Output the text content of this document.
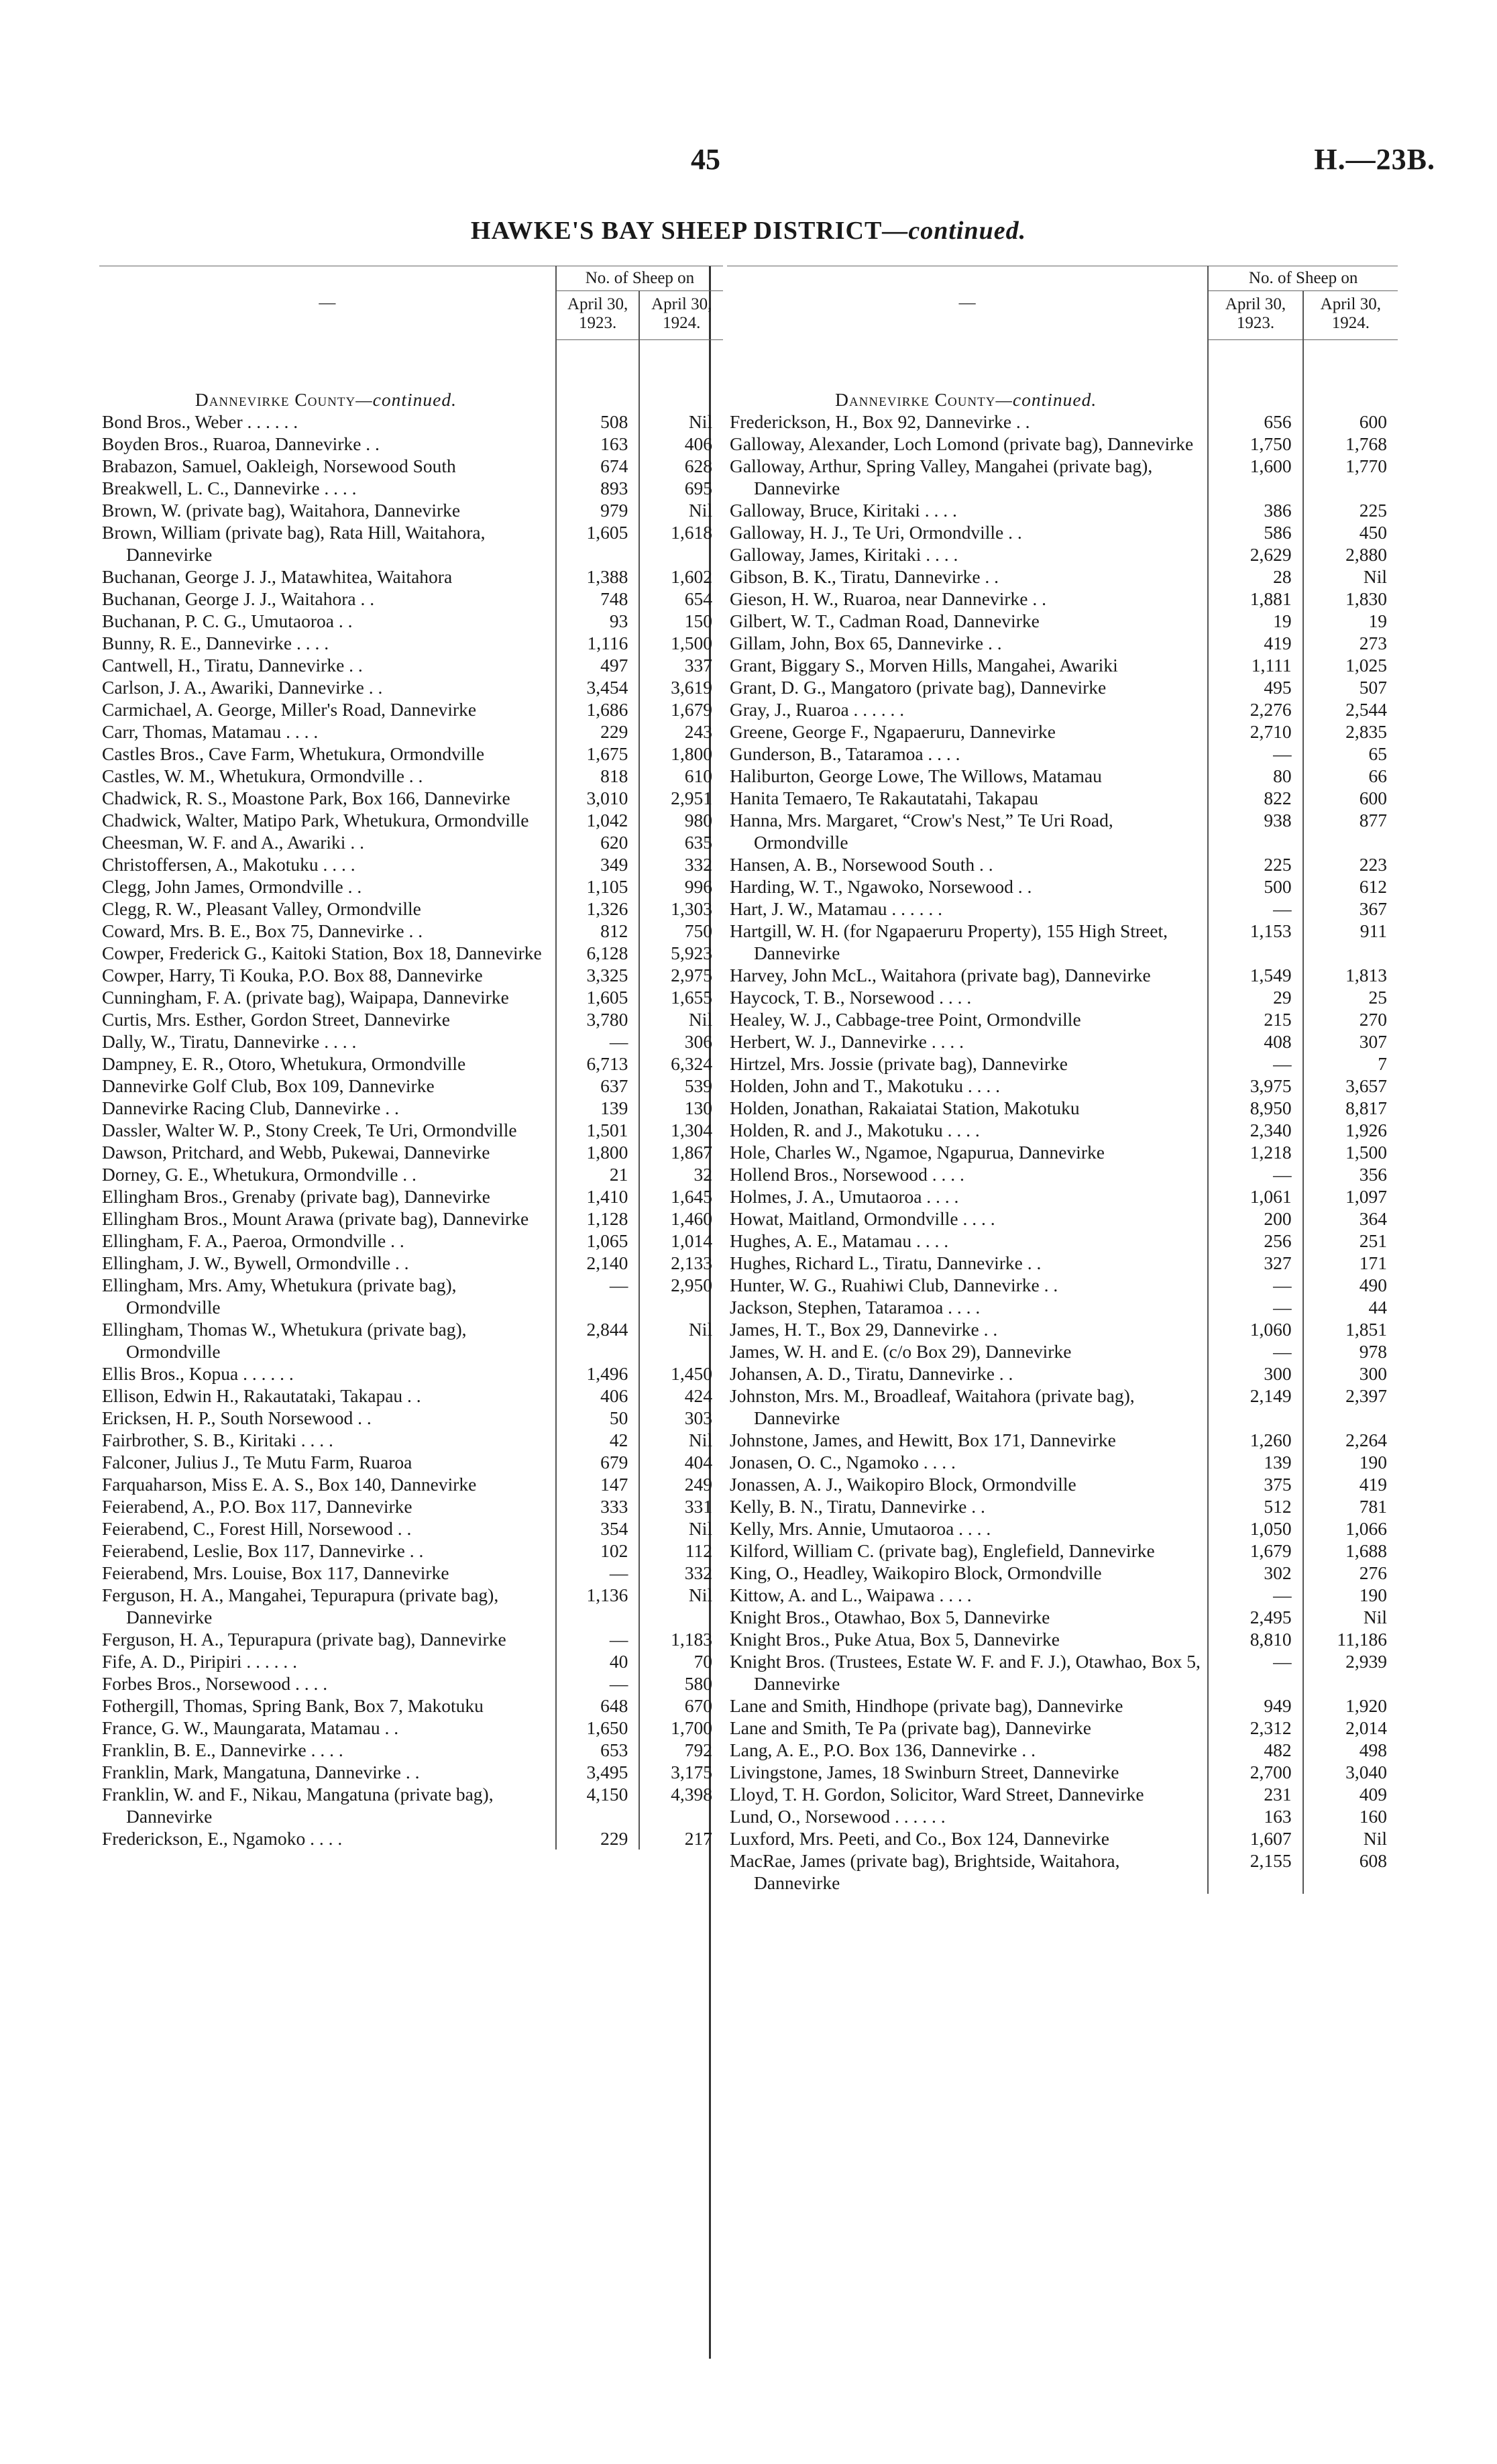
45	H.—23B.
HAWKE'S BAY SHEEP DISTRICT—continued.
—	No. of Sheep on	
	April 30, 1923.	April 30, 1924.

Dannevirke County—continued.		

Bond Bros., Weber . . . . . .	508	Nil

Boyden Bros., Ruaroa, Dannevirke . .	163	406

Brabazon, Samuel, Oakleigh, Norsewood South	674	628

Breakwell, L. C., Dannevirke . . . .	893	695

Brown, W. (private bag), Waitahora, Dannevirke	979	Nil

Brown, William (private bag), Rata Hill, Waitahora, Dannevirke	1,605	1,618

Buchanan, George J. J., Matawhitea, Waitahora	1,388	1,602

Buchanan, George J. J., Waitahora . .	748	654

Buchanan, P. C. G., Umutaoroa . .	93	150

Bunny, R. E., Dannevirke . . . .	1,116	1,500

Cantwell, H., Tiratu, Dannevirke . .	497	337

Carlson, J. A., Awariki, Dannevirke . .	3,454	3,619

Carmichael, A. George, Miller's Road, Dannevirke	1,686	1,679

Carr, Thomas, Matamau . . . .	229	243

Castles Bros., Cave Farm, Whetukura, Ormondville	1,675	1,800

Castles, W. M., Whetukura, Ormondville . .	818	610

Chadwick, R. S., Moastone Park, Box 166, Dannevirke	3,010	2,951

Chadwick, Walter, Matipo Park, Whetukura, Ormondville	1,042	980

Cheesman, W. F. and A., Awariki . .	620	635

Christoffersen, A., Makotuku . . . .	349	332

Clegg, John James, Ormondville . .	1,105	996

Clegg, R. W., Pleasant Valley, Ormondville	1,326	1,303

Coward, Mrs. B. E., Box 75, Dannevirke . .	812	750

Cowper, Frederick G., Kaitoki Station, Box 18, Dannevirke	6,128	5,923

Cowper, Harry, Ti Kouka, P.O. Box 88, Dannevirke	3,325	2,975

Cunningham, F. A. (private bag), Waipapa, Dannevirke	1,605	1,655

Curtis, Mrs. Esther, Gordon Street, Dannevirke	3,780	Nil

Dally, W., Tiratu, Dannevirke . . . .	—	306

Dampney, E. R., Otoro, Whetukura, Ormondville	6,713	6,324

Dannevirke Golf Club, Box 109, Dannevirke	637	539

Dannevirke Racing Club, Dannevirke . .	139	130

Dassler, Walter W. P., Stony Creek, Te Uri, Ormondville	1,501	1,304

Dawson, Pritchard, and Webb, Pukewai, Dannevirke	1,800	1,867

Dorney, G. E., Whetukura, Ormondville . .	21	32

Ellingham Bros., Grenaby (private bag), Dannevirke	1,410	1,645

Ellingham Bros., Mount Arawa (private bag), Dannevirke	1,128	1,460

Ellingham, F. A., Paeroa, Ormondville . .	1,065	1,014

Ellingham, J. W., Bywell, Ormondville . .	2,140	2,133

Ellingham, Mrs. Amy, Whetukura (private bag), Ormondville	—	2,950

Ellingham, Thomas W., Whetukura (private bag), Ormondville	2,844	Nil

Ellis Bros., Kopua . . . . . .	1,496	1,450

Ellison, Edwin H., Rakautataki, Takapau . .	406	424

Ericksen, H. P., South Norsewood . .	50	303

Fairbrother, S. B., Kiritaki . . . .	42	Nil

Falconer, Julius J., Te Mutu Farm, Ruaroa	679	404

Farquaharson, Miss E. A. S., Box 140, Dannevirke	147	249

Feierabend, A., P.O. Box 117, Dannevirke	333	331

Feierabend, C., Forest Hill, Norsewood . .	354	Nil

Feierabend, Leslie, Box 117, Dannevirke . .	102	112

Feierabend, Mrs. Louise, Box 117, Dannevirke	—	332

Ferguson, H. A., Mangahei, Tepurapura (private bag), Dannevirke	1,136	Nil

Ferguson, H. A., Tepurapura (private bag), Dannevirke	—	1,183

Fife, A. D., Piripiri . . . . . .	40	70

Forbes Bros., Norsewood . . . .	—	580

Fothergill, Thomas, Spring Bank, Box 7, Makotuku	648	670

France, G. W., Maungarata, Matamau . .	1,650	1,700

Franklin, B. E., Dannevirke . . . .	653	792

Franklin, Mark, Mangatuna, Dannevirke . .	3,495	3,175

Franklin, W. and F., Nikau, Mangatuna (private bag), Dannevirke	4,150	4,398

Frederickson, E., Ngamoko . . . .	229	217
—	No. of Sheep on	
	April 30, 1923.	April 30, 1924.

Dannevirke County—continued.		

Frederickson, H., Box 92, Dannevirke . .	656	600

Galloway, Alexander, Loch Lomond (private bag), Dannevirke	1,750	1,768

Galloway, Arthur, Spring Valley, Mangahei (private bag), Dannevirke	1,600	1,770

Galloway, Bruce, Kiritaki . . . .	386	225

Galloway, H. J., Te Uri, Ormondville . .	586	450

Galloway, James, Kiritaki . . . .	2,629	2,880

Gibson, B. K., Tiratu, Dannevirke . .	28	Nil

Gieson, H. W., Ruaroa, near Dannevirke . .	1,881	1,830

Gilbert, W. T., Cadman Road, Dannevirke	19	19

Gillam, John, Box 65, Dannevirke . .	419	273

Grant, Biggary S., Morven Hills, Mangahei, Awariki	1,111	1,025

Grant, D. G., Mangatoro (private bag), Dannevirke	495	507

Gray, J., Ruaroa . . . . . .	2,276	2,544

Greene, George F., Ngapaeruru, Dannevirke	2,710	2,835

Gunderson, B., Tataramoa . . . .	—	65

Haliburton, George Lowe, The Willows, Matamau	80	66

Hanita Temaero, Te Rakautatahi, Takapau	822	600

Hanna, Mrs. Margaret, “Crow's Nest,” Te Uri Road, Ormondville	938	877

Hansen, A. B., Norsewood South . .	225	223

Harding, W. T., Ngawoko, Norsewood . .	500	612

Hart, J. W., Matamau . . . . . .	—	367

Hartgill, W. H. (for Ngapaeruru Property), 155 High Street, Dannevirke	1,153	911

Harvey, John McL., Waitahora (private bag), Dannevirke	1,549	1,813

Haycock, T. B., Norsewood . . . .	29	25

Healey, W. J., Cabbage-tree Point, Ormondville	215	270

Herbert, W. J., Dannevirke . . . .	408	307

Hirtzel, Mrs. Jossie (private bag), Dannevirke	—	7

Holden, John and T., Makotuku . . . .	3,975	3,657

Holden, Jonathan, Rakaiatai Station, Makotuku	8,950	8,817

Holden, R. and J., Makotuku . . . .	2,340	1,926

Hole, Charles W., Ngamoe, Ngapuruа, Dannevirke	1,218	1,500

Hollend Bros., Norsewood . . . .	—	356

Holmes, J. A., Umutaoroa . . . .	1,061	1,097

Howat, Maitland, Ormondville . . . .	200	364

Hughes, A. E., Matamau . . . .	256	251

Hughes, Richard L., Tiratu, Dannevirke . .	327	171

Hunter, W. G., Ruahiwi Club, Dannevirke . .	—	490

Jackson, Stephen, Tataramoa . . . .	—	44

James, H. T., Box 29, Dannevirke . .	1,060	1,851

James, W. H. and E. (c/o Box 29), Dannevirke	—	978

Johansen, A. D., Tiratu, Dannevirke . .	300	300

Johnston, Mrs. M., Broadleaf, Waitahora (private bag), Dannevirke	2,149	2,397

Johnstone, James, and Hewitt, Box 171, Dannevirke	1,260	2,264

Jonasen, O. C., Ngamoko . . . .	139	190

Jonassen, A. J., Waikopiro Block, Ormondville	375	419

Kelly, B. N., Tiratu, Dannevirke . .	512	781

Kelly, Mrs. Annie, Umutaoroa . . . .	1,050	1,066

Kilford, William C. (private bag), Englefield, Dannevirke	1,679	1,688

King, O., Headley, Waikopiro Block, Ormondville	302	276

Kittow, A. and L., Waipawa . . . .	—	190

Knight Bros., Otawhao, Box 5, Dannevirke	2,495	Nil

Knight Bros., Puke Atua, Box 5, Dannevirke	8,810	11,186

Knight Bros. (Trustees, Estate W. F. and F. J.), Otawhao, Box 5, Dannevirke	—	2,939

Lane and Smith, Hindhope (private bag), Dannevirke	949	1,920

Lane and Smith, Te Pa (private bag), Dannevirke	2,312	2,014

Lang, A. E., P.O. Box 136, Dannevirke . .	482	498

Livingstone, James, 18 Swinburn Street, Dannevirke	2,700	3,040

Lloyd, T. H. Gordon, Solicitor, Ward Street, Dannevirke	231	409

Lund, O., Norsewood . . . . . .	163	160

Luxford, Mrs. Peeti, and Co., Box 124, Dannevirke	1,607	Nil

MacRae, James (private bag), Brightside, Waitahora, Dannevirke	2,155	608
